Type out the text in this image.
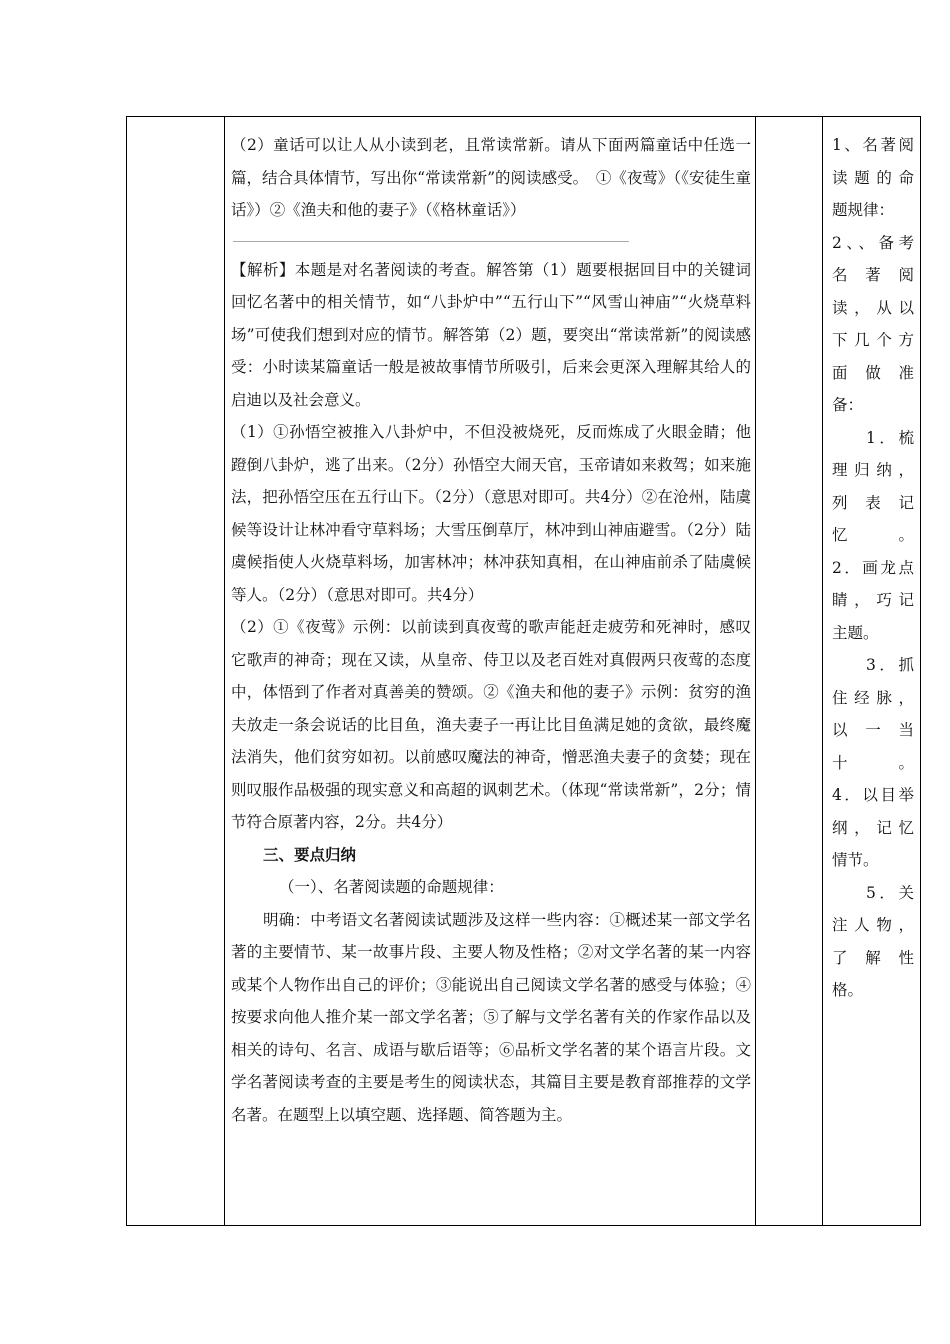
（2）童话可以让人从小读到老，且常读常新。请从下面两篇童话中任选一篇，结合具体情节，写出你“常读常新”的阅读感受。　①《夜莺》（《安徒生童话》）②《渔夫和他的妻子》（《格林童话》）

【解析】本题是对名著阅读的考查。解答第（1）题要根据回目中的关键词回忆名著中的相关情节，如“八卦炉中”“五行山下”“风雪山神庙”“火烧草料场”可使我们想到对应的情节。解答第（2）题，要突出“常读常新”的阅读感受：小时读某篇童话一般是被故事情节所吸引，后来会更深入理解其给人的启迪以及社会意义。

（1）①孙悟空被推入八卦炉中，不但没被烧死，反而炼成了火眼金睛；他蹬倒八卦炉，逃了出来。（2分）孙悟空大闹天官，玉帝请如来救驾；如来施法，把孙悟空压在五行山下。（2分）（意思对即可。共4分）②在沧州，陆虞候等设计让林冲看守草料场；大雪压倒草厅，林冲到山神庙避雪。（2分）陆虞候指使人火烧草料场，加害林冲；林冲获知真相，在山神庙前杀了陆虞候等人。（2分）（意思对即可。共4分）

（2）①《夜莺》示例：以前读到真夜莺的歌声能赶走疲劳和死神时，感叹它歌声的神奇；现在又读，从皇帝、侍卫以及老百姓对真假两只夜莺的态度中，体悟到了作者对真善美的赞颂。②《渔夫和他的妻子》示例：贫穷的渔夫放走一条会说话的比目鱼，渔夫妻子一再让比目鱼满足她的贪欲，最终魔法消失，他们贫穷如初。以前感叹魔法的神奇，憎恶渔夫妻子的贪婪；现在则叹服作品极强的现实意义和高超的讽刺艺术。（体现“常读常新”，2分；情节符合原著内容，2分。共4分）

三、要点归纳

（一）、名著阅读题的命题规律：

明确：中考语文名著阅读试题涉及这样一些内容：①概述某一部文学名著的主要情节、某一故事片段、主要人物及性格；②对文学名著的某一内容或某个人物作出自己的评价；③能说出自己阅读文学名著的感受与体验；④按要求向他人推介某一部文学名著；⑤了解与文学名著有关的作家作品以及相关的诗句、名言、成语与歇后语等；⑥品析文学名著的某个语言片段。文学名著阅读考查的主要是考生的阅读状态，其篇目主要是教育部推荐的文学名著。在题型上以填空题、选择题、简答题为主。

1、名著阅

读题的命

题规律：

2、、备考

名 著 阅

读，从以

下几个方

面 做 准

备：

1．梳

理归纳，

列 表 记

忆　　。

2．画龙点

睛，巧记

主题。

3．抓

住经脉，

以 一 当

十　　。

4．以目举

纲，记忆

情节。

5．关

注人物，

了 解 性

格。
